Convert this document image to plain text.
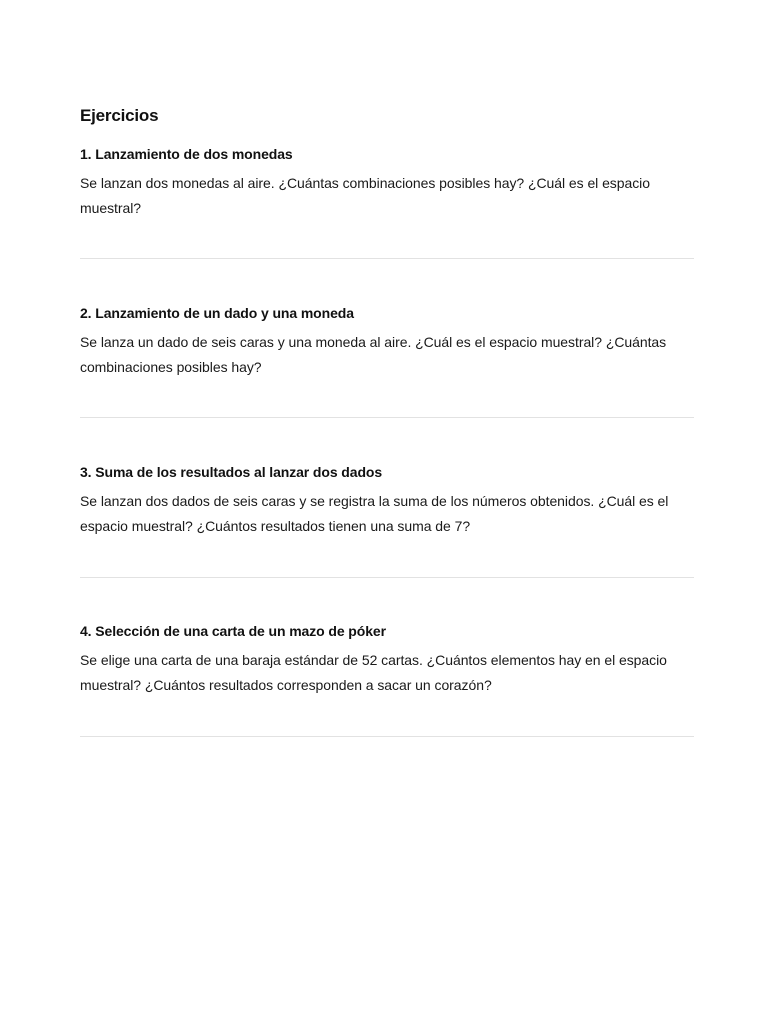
Ejercicios
1. Lanzamiento de dos monedas

Se lanzan dos monedas al aire. ¿Cuántas combinaciones posibles hay? ¿Cuál es el espacio muestral?

2. Lanzamiento de un dado y una moneda

Se lanza un dado de seis caras y una moneda al aire. ¿Cuál es el espacio muestral? ¿Cuántas combinaciones posibles hay?

3. Suma de los resultados al lanzar dos dados

Se lanzan dos dados de seis caras y se registra la suma de los números obtenidos. ¿Cuál es el espacio muestral? ¿Cuántos resultados tienen una suma de 7?

4. Selección de una carta de un mazo de póker

Se elige una carta de una baraja estándar de 52 cartas. ¿Cuántos elementos hay en el espacio muestral? ¿Cuántos resultados corresponden a sacar un corazón?
